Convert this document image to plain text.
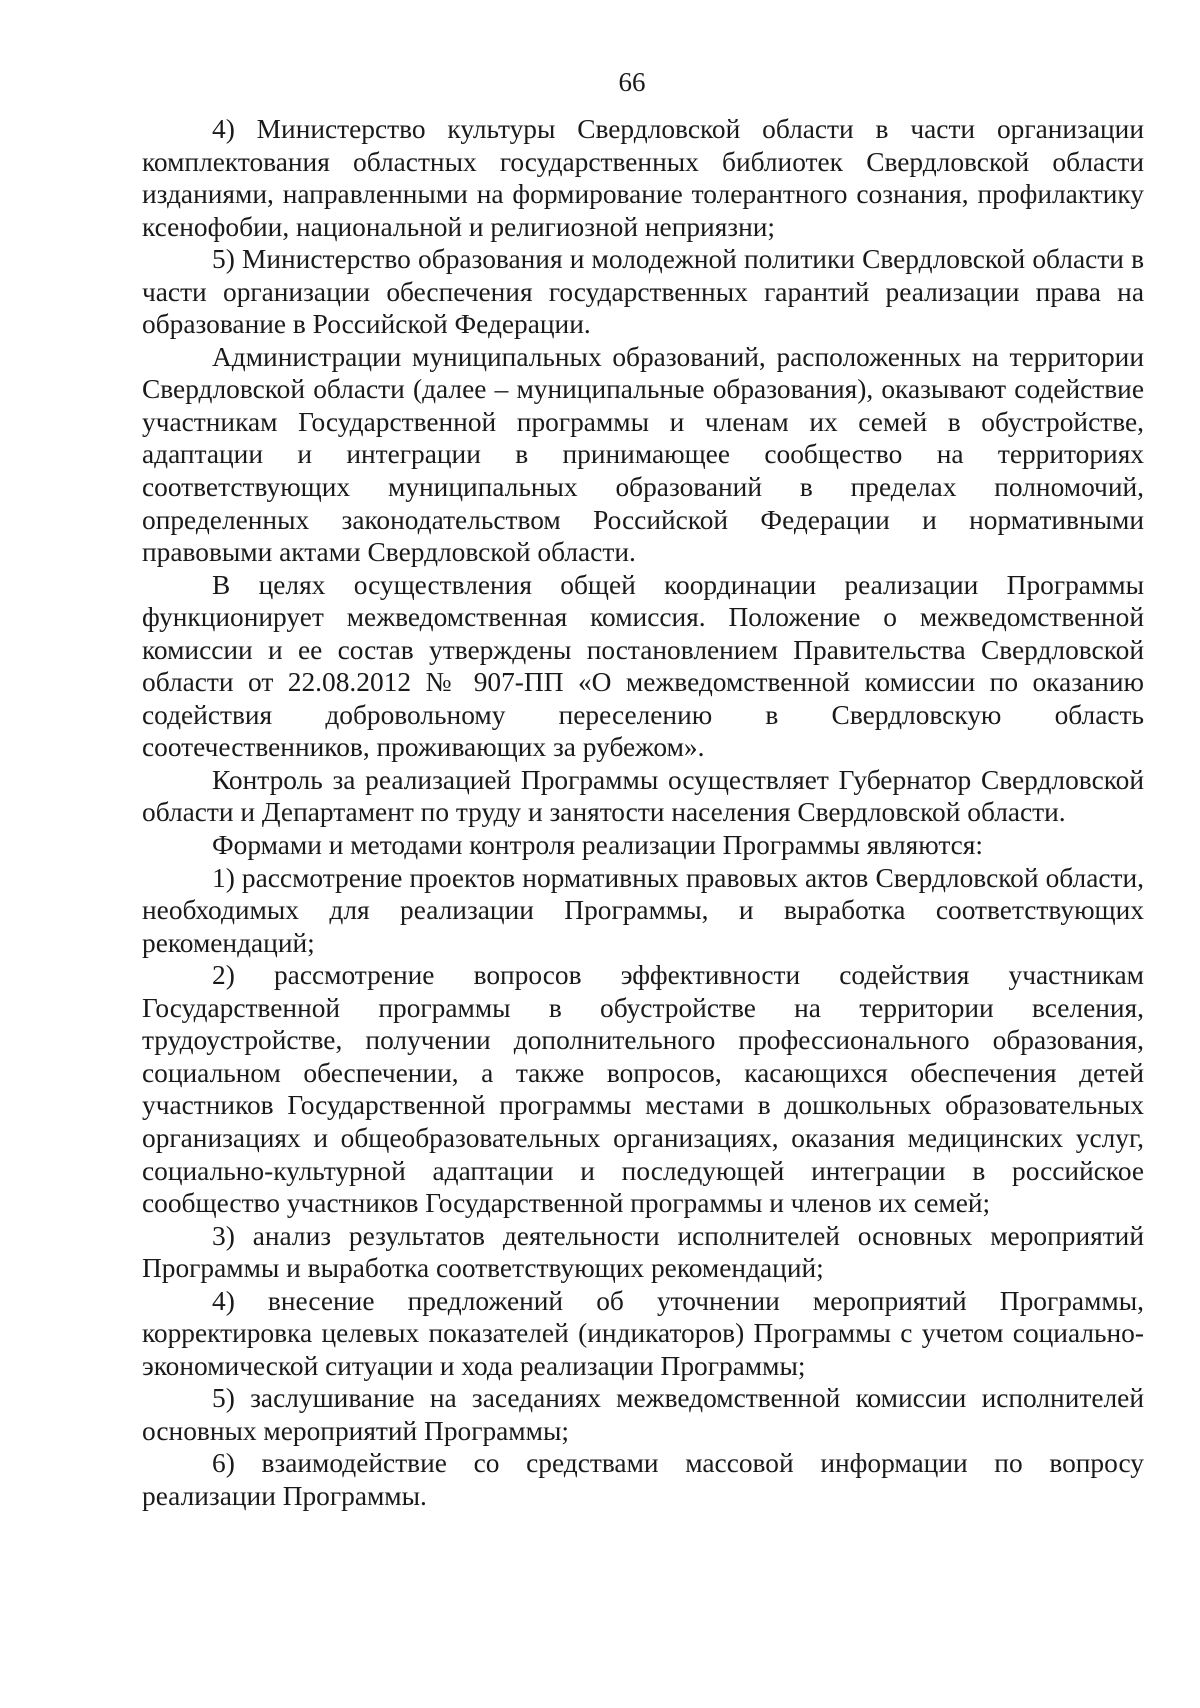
66

4) Министерство культуры Свердловской области в части организации комплектования областных государственных библиотек Свердловской области изданиями, направленными на формирование толерантного сознания, профилактику ксенофобии, национальной и религиозной неприязни;

5) Министерство образования и молодежной политики Свердловской области в части организации обеспечения государственных гарантий реализации права на образование в Российской Федерации.

Администрации муниципальных образований, расположенных на территории Свердловской области (далее – муниципальные образования), оказывают содействие участникам Государственной программы и членам их семей в обустройстве, адаптации и интеграции в принимающее сообщество на территориях соответствующих муниципальных образований в пределах полномочий, определенных законодательством Российской Федерации и нормативными правовыми актами Свердловской области.

В целях осуществления общей координации реализации Программы функционирует межведомственная комиссия. Положение о межведомственной комиссии и ее состав утверждены постановлением Правительства Свердловской области от 22.08.2012 № 907-ПП «О межведомственной комиссии по оказанию содействия добровольному переселению в Свердловскую область соотечественников, проживающих за рубежом».

Контроль за реализацией Программы осуществляет Губернатор Свердловской области и Департамент по труду и занятости населения Свердловской области.

Формами и методами контроля реализации Программы являются:

1) рассмотрение проектов нормативных правовых актов Свердловской области, необходимых для реализации Программы, и выработка соответствующих рекомендаций;

2) рассмотрение вопросов эффективности содействия участникам Государственной программы в обустройстве на территории вселения, трудоустройстве, получении дополнительного профессионального образования, социальном обеспечении, а также вопросов, касающихся обеспечения детей участников Государственной программы местами в дошкольных образовательных организациях и общеобразовательных организациях, оказания медицинских услуг, социально-культурной адаптации и последующей интеграции в российское сообщество участников Государственной программы и членов их семей;

3) анализ результатов деятельности исполнителей основных мероприятий Программы и выработка соответствующих рекомендаций;

4) внесение предложений об уточнении мероприятий Программы, корректировка целевых показателей (индикаторов) Программы с учетом социально-экономической ситуации и хода реализации Программы;

5) заслушивание на заседаниях межведомственной комиссии исполнителей основных мероприятий Программы;

6) взаимодействие со средствами массовой информации по вопросу реализации Программы.
